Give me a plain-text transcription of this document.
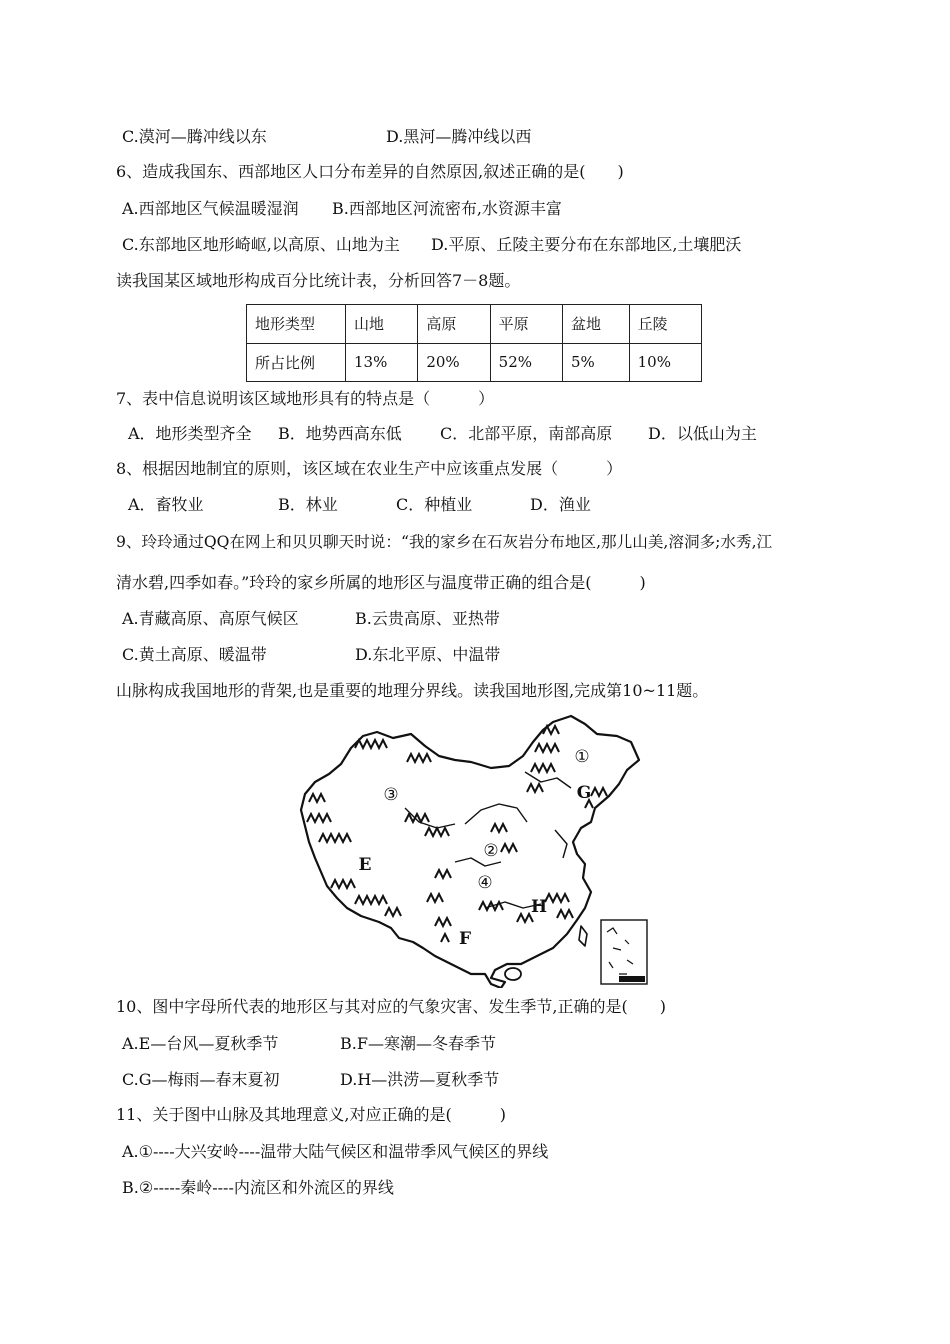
C.漠河—腾冲线以东	D.黑河—腾冲线以西
6、造成我国东、西部地区人口分布差异的自然原因,叙述正确的是(　　)
A.西部地区气候温暖湿润 B.西部地区河流密布,水资源丰富
C.东部地区地形崎岖,以高原、山地为主 D.平原、丘陵主要分布在东部地区,土壤肥沃
读我国某区域地形构成百分比统计表，分析回答7－8题。
地形类型	山地	高原	平原	盆地	丘陵
所占比例	13%	20%	52%	5%	10%
7、表中信息说明该区域地形具有的特点是（　　　）
A．地形类型齐全 B．地势西高东低 C．北部平原，南部高原 D．以低山为主
8、根据因地制宜的原则，该区域在农业生产中应该重点发展（　　　）
A．畜牧业	B．林业	C．种植业	D．渔业
9、玲玲通过QQ在网上和贝贝聊天时说：“我的家乡在石灰岩分布地区,那儿山美,溶洞多;水秀,江
清水碧,四季如春。”玲玲的家乡所属的地形区与温度带正确的组合是(　　　)
A.青藏高原、高原气候区	B.云贵高原、亚热带
C.黄土高原、暖温带	D.东北平原、中温带
山脉构成我国地形的背架,也是重要的地理分界线。读我国地形图,完成第10~11题。
①
②
③
④
E
F
G
H
10、图中字母所代表的地形区与其对应的气象灾害、发生季节,正确的是(　　)
A.E—台风—夏秋季节	B.F—寒潮—冬春季节
C.G—梅雨—春末夏初	D.H—洪涝—夏秋季节
11、关于图中山脉及其地理意义,对应正确的是(　　　)
A.①----大兴安岭----温带大陆气候区和温带季风气候区的界线
B.②-----秦岭----内流区和外流区的界线
